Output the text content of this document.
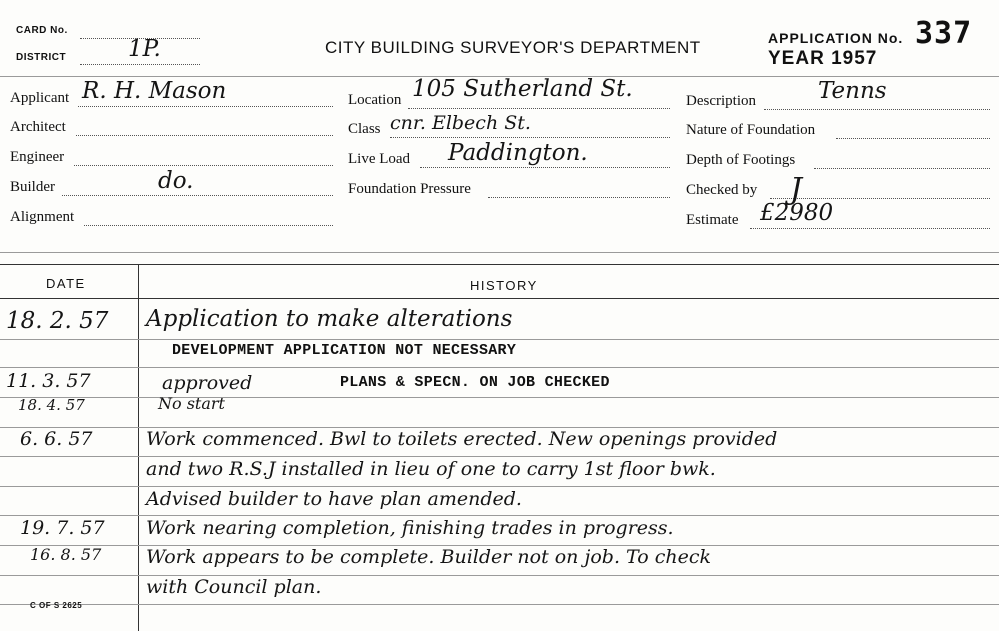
CARD No.
DISTRICT	1P.	CITY BUILDING SURVEYOR'S DEPARTMENT	APPLICATION No. 337
YEAR 1957
Applicant R. H. Mason
Architect
Engineer
Builder	do.
Alignment
Location 105 Sutherland St.
Class cnr. Elbech St.
Live Load Paddington.
Foundation Pressure
Description	Tenns
Nature of Foundation
Depth of Footings
Checked by J
Estimate £2980
DATE	HISTORY
18. 2. 57 Application to make alterations
DEVELOPMENT APPLICATION NOT NECESSARY
11. 3. 57	approved	PLANS & SPECN. ON JOB CHECKED
18. 4. 57	No start
6. 6. 57	Work commenced. Bwl to toilets erected. New openings provided
and two R.S.J installed in lieu of one to carry 1st floor bwk.
Advised builder to have plan amended.
19. 7. 57 Work nearing completion, finishing trades in progress.
16. 8. 57 Work appears to be complete. Builder not on job. To check
with Council plan.
C OF S 2625
